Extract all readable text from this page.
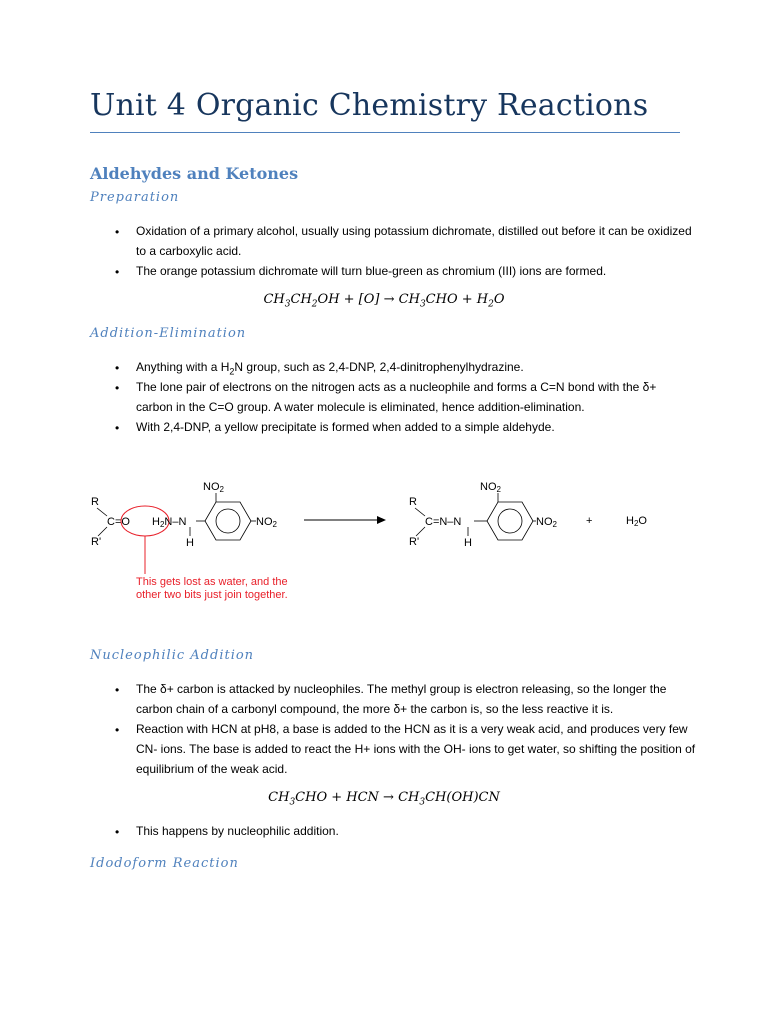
Unit 4 Organic Chemistry Reactions
Aldehydes and Ketones
Preparation
• Oxidation of a primary alcohol, usually using potassium dichromate, distilled out before it can be oxidized to a carboxylic acid.
• The orange potassium dichromate will turn blue-green as chromium (III) ions are formed.
$CH_3CH_2OH + [O] \to CH_3CHO + H_2O$
Addition-Elimination
• Anything with a $H_2N$ group, such as 2,4-DNP, 2,4-dinitrophenylhydrazine.
• The lone pair of electrons on the nitrogen acts as a nucleophile and forms a C=N bond with the δ+ carbon in the C=O group. A water molecule is eliminated, hence addition-elimination.
• With 2,4-DNP, a yellow precipitate is formed when added to a simple aldehyde.
R
C=O
R'
H2N–N
H
NO2
NO2
R
C=N–N
R'	H
NO2
NO2	+	H2O
This gets lost as water, and the
other two bits just join together.
Nucleophilic Addition
• The δ+ carbon is attacked by nucleophiles. The methyl group is electron releasing, so the longer the carbon chain of a carbonyl compound, the more δ+ the carbon is, so the less reactive it is.
• Reaction with HCN at pH8, a base is added to the HCN as it is a very weak acid, and produces very few CN- ions. The base is added to react the H+ ions with the OH- ions to get water, so shifting the position of equilibrium of the weak acid.
$CH_3CHO$ + HCN → $CH_3CH(OH)CN$
• This happens by nucleophilic addition.
Idodoform Reaction
